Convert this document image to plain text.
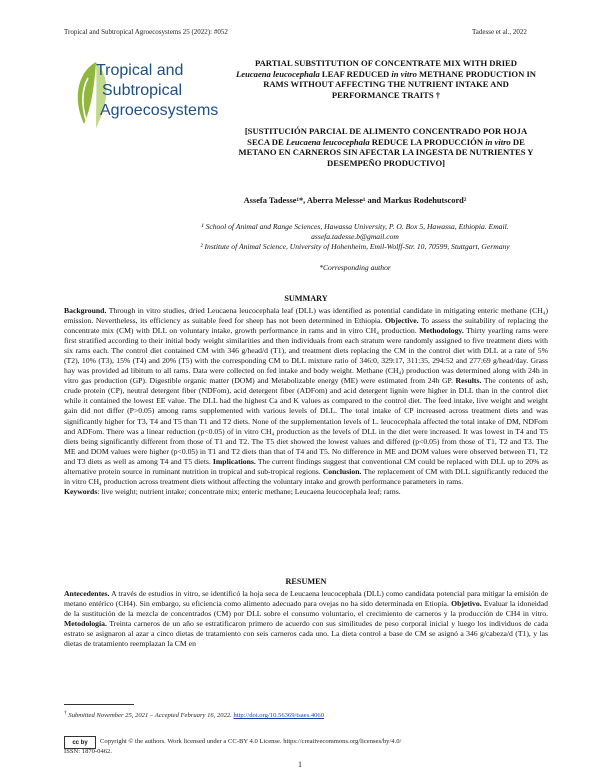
Tropical and Subtropical Agroecosystems 25 (2022): #052	Tadesse et al., 2022
Tropical and
Subtropical
Agroecosystems
PARTIAL SUBSTITUTION OF CONCENTRATE MIX WITH DRIED
Leucaena leucocephala LEAF REDUCED in vitro METHANE PRODUCTION IN RAMS WITHOUT AFFECTING THE NUTRIENT INTAKE AND PERFORMANCE TRAITS †
[SUSTITUCIÓN PARCIAL DE ALIMENTO CONCENTRADO POR HOJA SECA DE Leucaena leucocephala REDUCE LA PRODUCCIÓN in vitro DE METANO EN CARNEROS SIN AFECTAR LA INGESTA DE NUTRIENTES Y DESEMPEÑO PRODUCTIVO]
Assefa Tadesse¹*, Aberra Melesse¹ and Markus Rodehutscord²
¹ School of Animal and Range Sciences, Hawassa University, P. O. Box 5, Hawassa, Ethiopia. Email. assefa.tadesse.b@gmail.com
² Institute of Animal Science, University of Hohenheim, Emil-Wolff-Str. 10, 70599, Stuttgart, Germany
*Corresponding author
SUMMARY

Background. Through in vitro studies, dried Leucaena leucocephala leaf (DLL) was identified as potential candidate in mitigating enteric methane (CH₄) emission. Nevertheless, its efficiency as suitable feed for sheep has not been determined in Ethiopia. Objective. To assess the suitability of replacing the concentrate mix (CM) with DLL on voluntary intake, growth performance in rams and in vitro CH₄ production. Methodology. Thirty yearling rams were first stratified according to their initial body weight similarities and then individuals from each stratum were randomly assigned to five treatment diets with six rams each. The control diet contained CM with 346 g/head/d (T1), and treatment diets replacing the CM in the control diet with DLL at a rate of 5% (T2), 10% (T3), 15% (T4) and 20% (T5) with the corresponding CM to DLL mixture ratio of 346:0, 329:17, 311:35, 294:52 and 277:69 g/head/day. Grass hay was provided ad libitum to all rams. Data were collected on fed intake and body weight. Methane (CH₄) production was determined along with 24h in vitro gas production (GP). Digestible organic matter (DOM) and Metabolizable energy (ME) were estimated from 24h GP. Results. The contents of ash, crude protein (CP), neutral detergent fiber (NDFom), acid detergent fiber (ADFom) and acid detergent lignin were higher in DLL than in the control diet while it contained the lowest EE value. The DLL had the highest Ca and K values as compared to the control diet. The feed intake, live weight and weight gain did not differ (P>0.05) among rams supplemented with various levels of DLL. The total intake of CP increased across treatment diets and was significantly higher for T3, T4 and T5 than T1 and T2 diets. None of the supplementation levels of L. leucocephala affected the total intake of DM, NDFom and ADFom. There was a linear reduction (p<0.05) of in vitro CH₄ production as the levels of DLL in the diet were increased. It was lowest in T4 and T5 diets being significantly different from those of T1 and T2. The T5 diet showed the lowest values and differed (p<0.05) from those of T1, T2 and T3. The ME and DOM values were higher (p<0.05) in T1 and T2 diets than that of T4 and T5. No difference in ME and DOM values were observed between T1, T2 and T3 diets as well as among T4 and T5 diets. Implications. The current findings suggest that conventional CM could be replaced with DLL up to 20% as alternative protein source in ruminant nutrition in tropical and sub-tropical regions. Conclusion. The replacement of CM with DLL significantly reduced the in vitro CH₄ production across treatment diets without affecting the voluntary intake and growth performance parameters in rams.

Keywords: live weight; nutrient intake; concentrate mix; enteric methane; Leucaena leucocephala leaf; rams.

RESUMEN

Antecedentes. A través de estudios in vitro, se identificó la hoja seca de Leucaena leucocephala (DLL) como candidata potencial para mitigar la emisión de metano entérico (CH4). Sin embargo, su eficiencia como alimento adecuado para ovejas no ha sido determinada en Etiopía. Objetivo. Evaluar la idoneidad de la sustitución de la mezcla de concentrados (CM) por DLL sobre el consumo voluntario, el crecimiento de carneros y la producción de CH4 in vitro. Metodología. Treinta carneros de un año se estratificaron primero de acuerdo con sus similitudes de peso corporal inicial y luego los individuos de cada estrato se asignaron al azar a cinco dietas de tratamiento con seis carneros cada uno. La dieta control a base de CM se asignó a 346 g/cabeza/d (T1), y las dietas de tratamiento reemplazan la CM en

† Submitted November 25, 2021 – Accepted February 16, 2022. http://doi.org/10.56369/tsaes.4060
cc by	Copyright © the authors. Work licensed under a CC-BY 4.0 License. https://creativecommons.org/licenses/by/4.0/
ISSN: 1870-0462.
1
